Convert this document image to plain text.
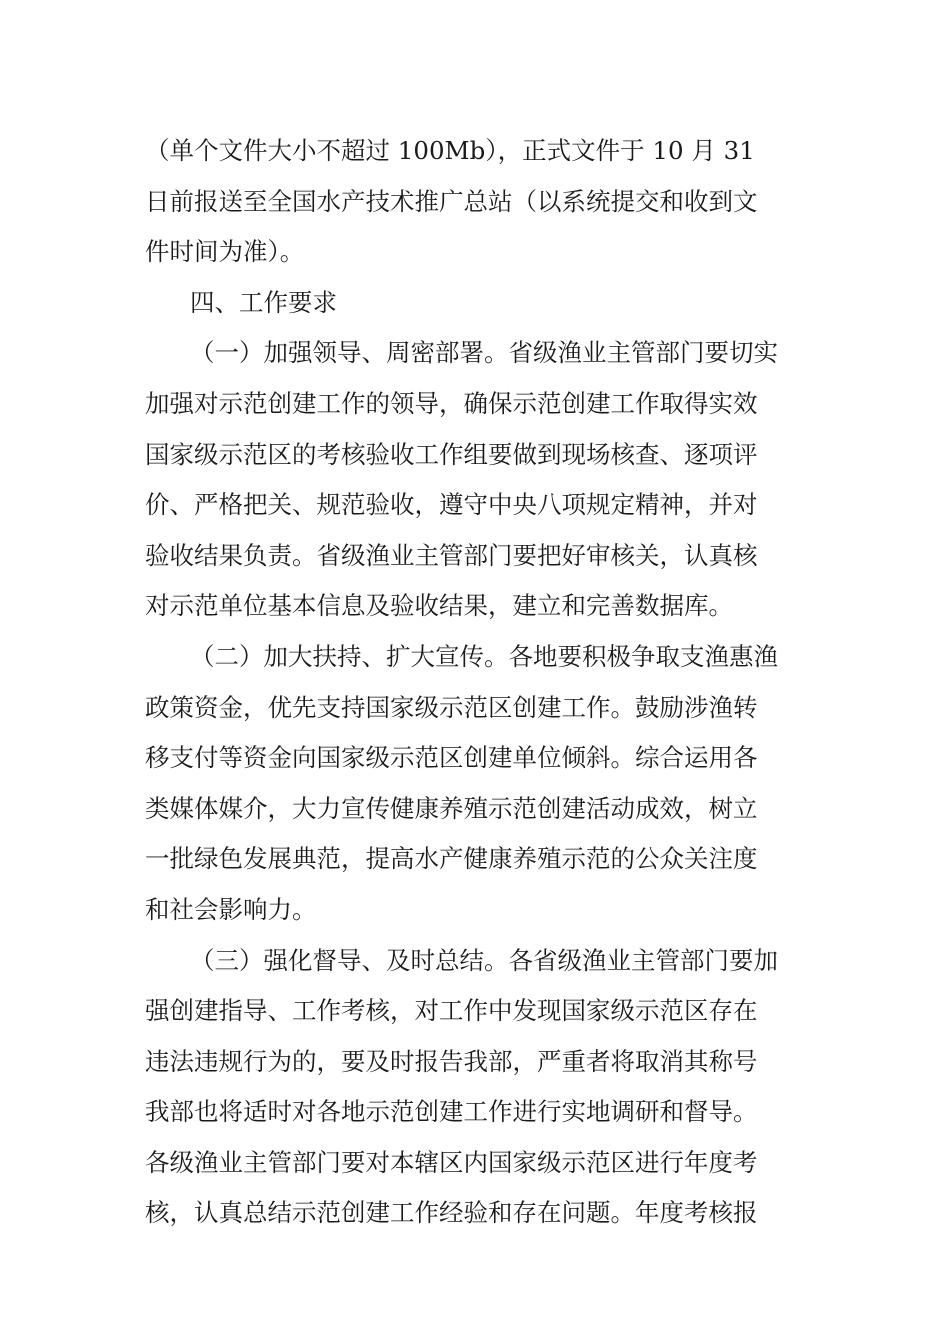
（单个文件大小不超过 100Mb），正式文件于 10 月 31
日前报送至全国水产技术推广总站（以系统提交和收到文
件时间为准）。
四、工作要求
（一）加强领导、周密部署。省级渔业主管部门要切实
加强对示范创建工作的领导，确保示范创建工作取得实效
国家级示范区的考核验收工作组要做到现场核查、逐项评
价、严格把关、规范验收，遵守中央八项规定精神，并对
验收结果负责。省级渔业主管部门要把好审核关，认真核
对示范单位基本信息及验收结果，建立和完善数据库。
（二）加大扶持、扩大宣传。各地要积极争取支渔惠渔
政策资金，优先支持国家级示范区创建工作。鼓励涉渔转
移支付等资金向国家级示范区创建单位倾斜。综合运用各
类媒体媒介，大力宣传健康养殖示范创建活动成效，树立
一批绿色发展典范，提高水产健康养殖示范的公众关注度
和社会影响力。
（三）强化督导、及时总结。各省级渔业主管部门要加
强创建指导、工作考核，对工作中发现国家级示范区存在
违法违规行为的，要及时报告我部，严重者将取消其称号
我部也将适时对各地示范创建工作进行实地调研和督导。
各级渔业主管部门要对本辖区内国家级示范区进行年度考
核，认真总结示范创建工作经验和存在问题。年度考核报
